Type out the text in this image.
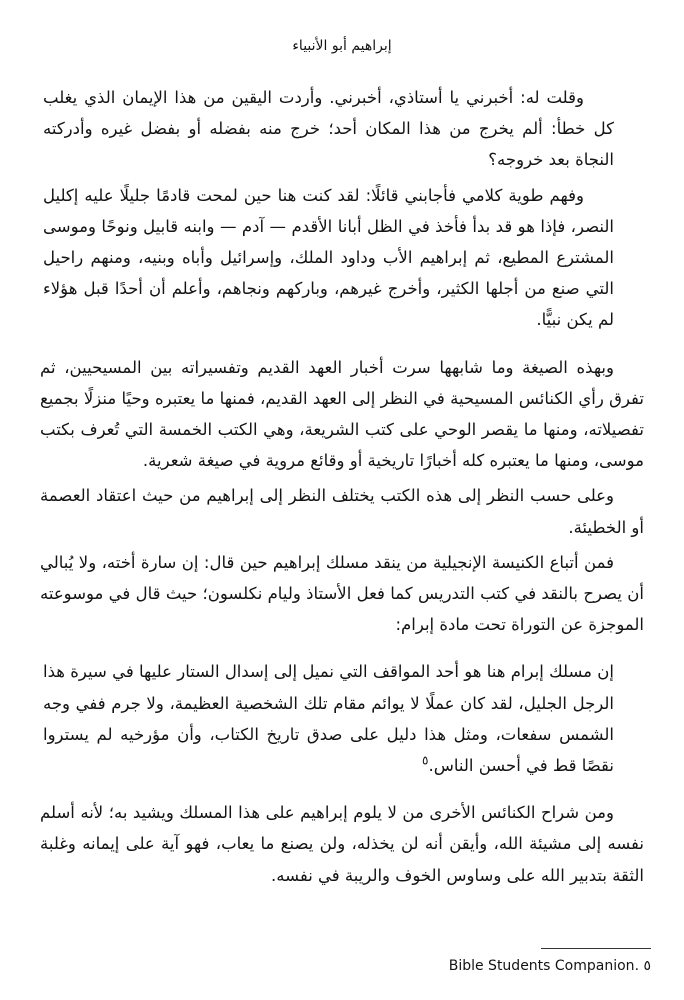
إبراهيم أبو الأنبياء

وقلت له: أخبرني يا أستاذي، أخبرني. وأردت اليقين من هذا الإيمان الذي يغلب كل خطأ: ألم يخرج من هذا المكان أحد؛ خرج منه بفضله أو بفضل غيره وأدركته النجاة بعد خروجه؟

وفهم طوية كلامي فأجابني قائلًا: لقد كنت هنا حين لمحت قادمًا جليلًا عليه إكليل النصر، فإذا هو قد بدأ فأخذ في الظل أبانا الأقدم — آدم — وابنه قابيل ونوحًا وموسى المشترع المطيع، ثم إبراهيم الأب وداود الملك، وإسرائيل وأباه وبنيه، ومنهم راحيل التي صنع من أجلها الكثير، وأخرج غيرهم، وباركهم ونجاهم، وأعلم أن أحدًا قبل هؤلاء لم يكن نبيًّا.

وبهذه الصيغة وما شابهها سرت أخبار العهد القديم وتفسيراته بين المسيحيين، ثم تفرق رأي الكنائس المسيحية في النظر إلى العهد القديم، فمنها ما يعتبره وحيًا منزلًا بجميع تفصيلاته، ومنها ما يقصر الوحي على كتب الشريعة، وهي الكتب الخمسة التي تُعرف بكتب موسى، ومنها ما يعتبره كله أخبارًا تاريخية أو وقائع مروية في صيغة شعرية.

وعلى حسب النظر إلى هذه الكتب يختلف النظر إلى إبراهيم من حيث اعتقاد العصمة أو الخطيئة.

فمن أتباع الكنيسة الإنجيلية من ينقد مسلك إبراهيم حين قال: إن سارة أخته، ولا يُبالي أن يصرح بالنقد في كتب التدريس كما فعل الأستاذ وليام نكلسون؛ حيث قال في موسوعته الموجزة عن التوراة تحت مادة إبرام:

إن مسلك إبرام هنا هو أحد المواقف التي نميل إلى إسدال الستار عليها في سيرة هذا الرجل الجليل، لقد كان عملًا لا يوائم مقام تلك الشخصية العظيمة، ولا جرم ففي وجه الشمس سفعات، ومثل هذا دليل على صدق تاريخ الكتاب، وأن مؤرخيه لم يستروا نقصًا قط في أحسن الناس.$^٥$

ومن شراح الكنائس الأخرى من لا يلوم إبراهيم على هذا المسلك ويشيد به؛ لأنه أسلم نفسه إلى مشيئة الله، وأيقن أنه لن يخذله، ولن يصنع ما يعاب، فهو آية على إيمانه وغلبة الثقة بتدبير الله على وساوس الخوف والريبة في نفسه.

٥ .Bible Students Companion
